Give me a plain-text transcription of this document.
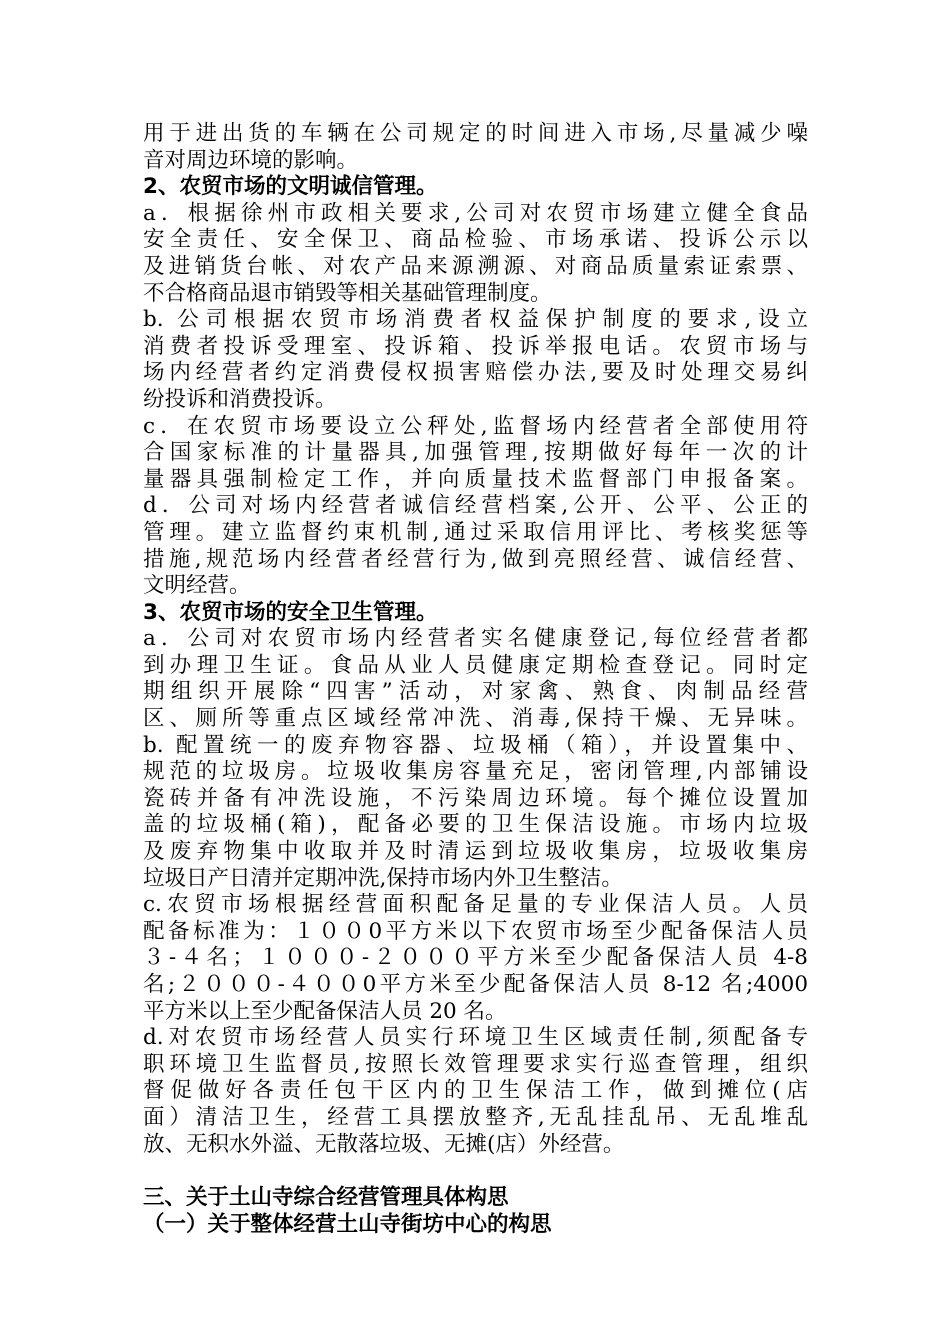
用于进出货的车辆在公司规定的时间进入市场,尽量减少噪
音对周边环境的影响。
2、农贸市场的文明诚信管理。
a．根据徐州市政相关要求,公司对农贸市场建立健全食品
安全责任、安全保卫、商品检验、市场承诺、投诉公示以
及进销货台帐、对农产品来源溯源、对商品质量索证索票、
不合格商品退市销毁等相关基础管理制度。
b. 公司根据农贸市场消费者权益保护制度的要求,设立
消费者投诉受理室、投诉箱、投诉举报电话。农贸市场与
场内经营者约定消费侵权损害赔偿办法,要及时处理交易纠
纷投诉和消费投诉。
c．在农贸市场要设立公秤处,监督场内经营者全部使用符
合国家标准的计量器具,加强管理,按期做好每年一次的计
量器具强制检定工作，并向质量技术监督部门申报备案。
d．公司对场内经营者诚信经营档案,公开、公平、公正的
管理。建立监督约束机制,通过采取信用评比、考核奖惩等
措施,规范场内经营者经营行为,做到亮照经营、诚信经营、
文明经营。
3、农贸市场的安全卫生管理。
a．公司对农贸市场内经营者实名健康登记,每位经营者都
到办理卫生证。食品从业人员健康定期检查登记。同时定
期组织开展除“四害”活动，对家禽、熟食、肉制品经营
区、厕所等重点区域经常冲洗、消毒,保持干燥、无异味。
b. 配置统一的废弃物容器、垃圾桶（箱），并设置集中、
规范的垃圾房。垃圾收集房容量充足，密闭管理,内部铺设
瓷砖并备有冲洗设施，不污染周边环境。每个摊位设置加
盖的垃圾桶(箱)，配备必要的卫生保洁设施。市场内垃圾
及废弃物集中收取并及时清运到垃圾收集房，垃圾收集房
垃圾日产日清并定期冲洗,保持市场内外卫生整洁。
c.农贸市场根据经营面积配备足量的专业保洁人员。人员
配备标准为：１００0平方米以下农贸市场至少配备保洁人员
３-４名；１０００-２０００平方米至少配备保洁人员 4-8
名;２０００-４００0平方米至少配备保洁人员 8-12 名;4000
平方米以上至少配备保洁人员 20 名。
d.对农贸市场经营人员实行环境卫生区域责任制,须配备专
职环境卫生监督员,按照长效管理要求实行巡查管理，组织
督促做好各责任包干区内的卫生保洁工作，做到摊位(店
面）清洁卫生，经营工具摆放整齐,无乱挂乱吊、无乱堆乱
放、无积水外溢、无散落垃圾、无摊(店）外经营。
三、关于土山寺综合经营管理具体构思
（一）关于整体经营土山寺街坊中心的构思
